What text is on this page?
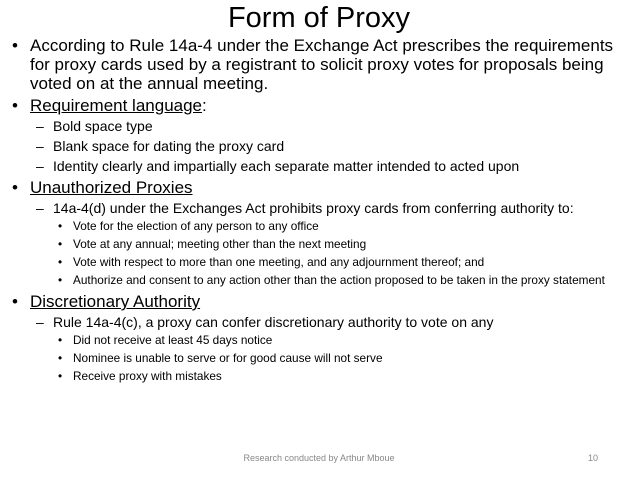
Form of Proxy

• According to Rule 14a-4 under the Exchange Act prescribes the requirements for proxy cards used by a registrant to solicit proxy votes for proposals being voted on at the annual meeting.

• Requirement language:

– Bold space type

– Blank space for dating the proxy card

– Identity clearly and impartially each separate matter intended to acted upon

• Unauthorized Proxies

– 14a-4(d) under the Exchanges Act prohibits proxy cards from conferring authority to:

• Vote for the election of any person to any office

• Vote at any annual; meeting other than the next meeting

• Vote with respect to more than one meeting, and any adjournment thereof; and

• Authorize and consent to any action other than the action proposed to be taken in the proxy statement

• Discretionary Authority

– Rule 14a-4(c), a proxy can confer discretionary authority to vote on any

• Did not receive at least 45 days notice

• Nominee is unable to serve or for good cause will not serve

• Receive proxy with mistakes

Research conducted by Arthur Mboue	10
